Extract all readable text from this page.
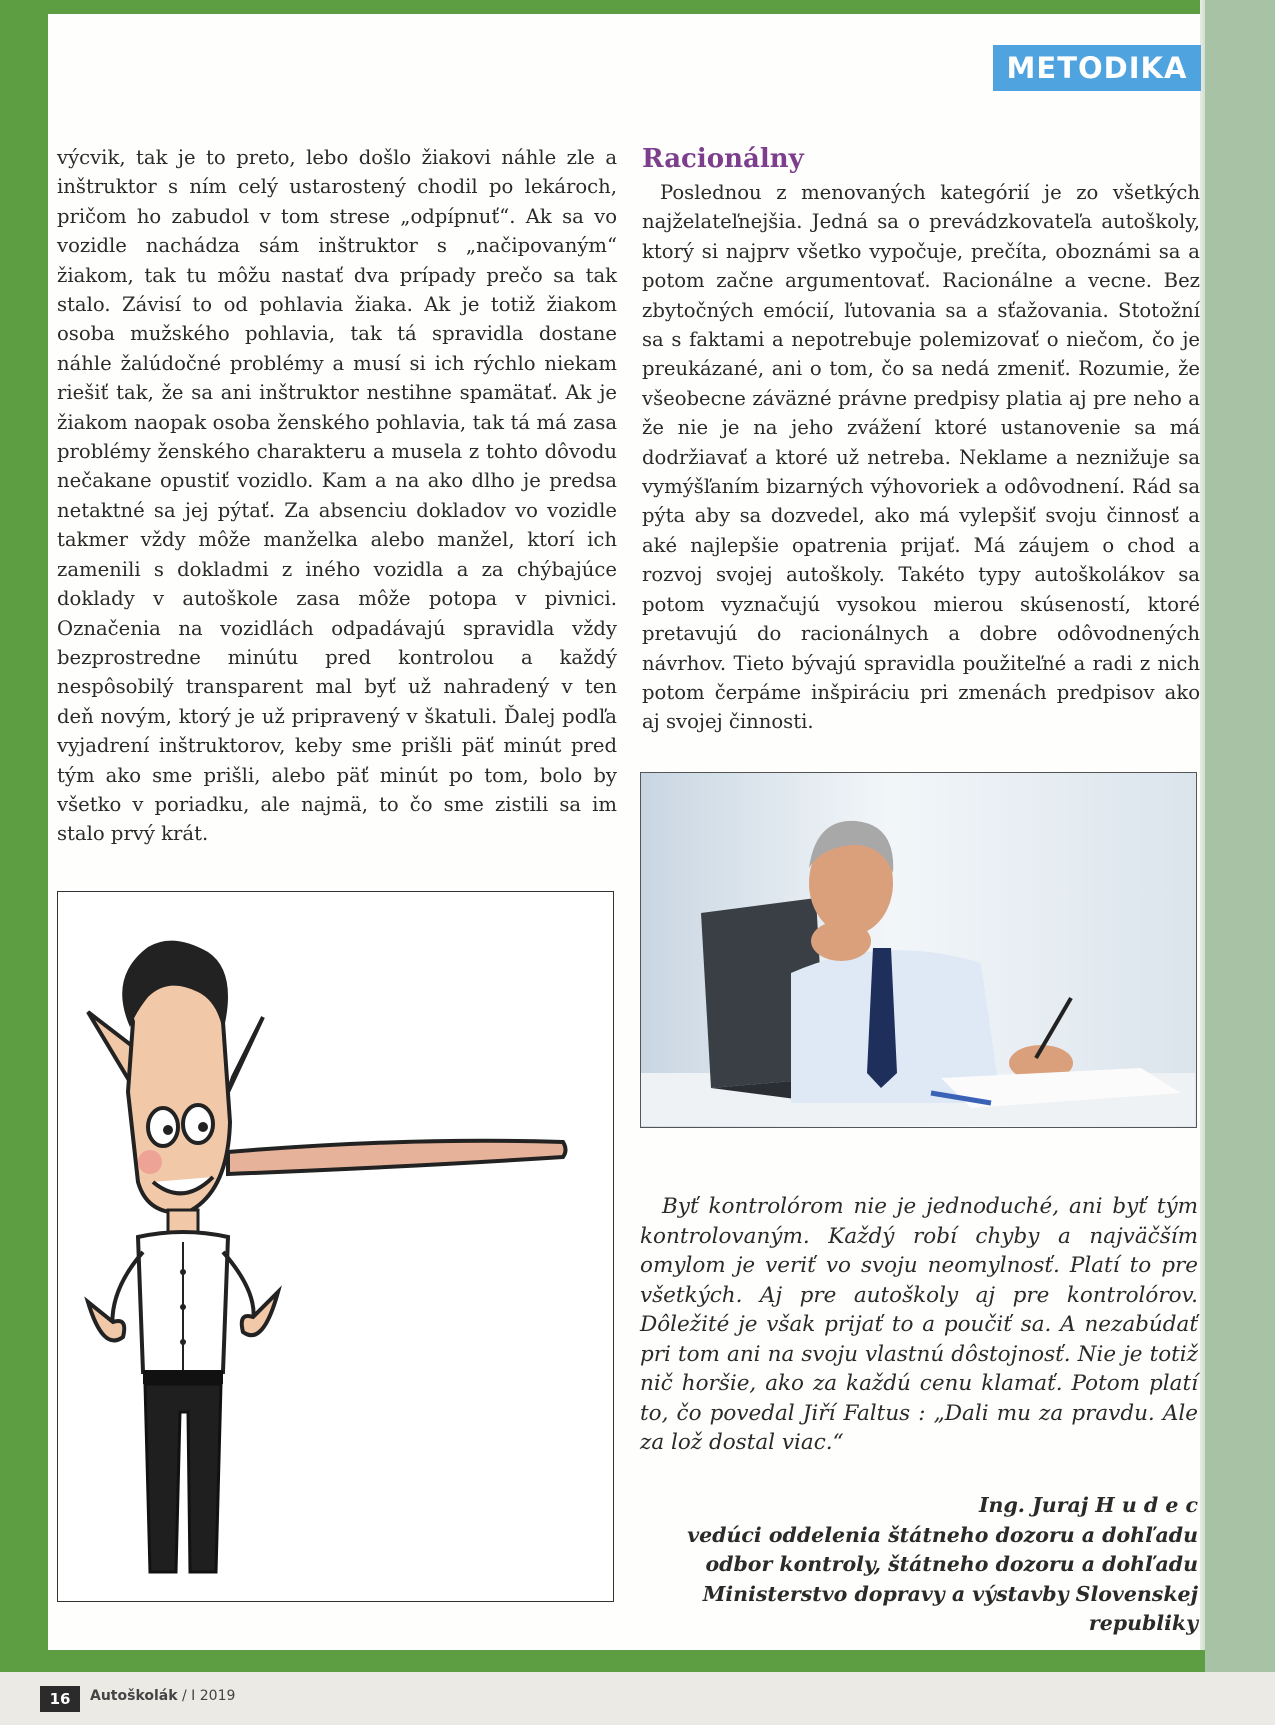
METODIKA

výcvik, tak je to preto, lebo došlo žiakovi náhle zle a inštruktor s ním celý ustarostený chodil po lekároch, pričom ho zabudol v tom strese „odpípnuť“. Ak sa vo vozidle nachádza sám inštruktor s „načipovaným“ žiakom, tak tu môžu nastať dva prípady prečo sa tak stalo. Závisí to od pohlavia žiaka. Ak je totiž žiakom osoba mužského pohlavia, tak tá spravidla dostane náhle žalúdočné problémy a musí si ich rýchlo niekam riešiť tak, že sa ani inštruktor nestihne spamätať. Ak je žiakom naopak osoba ženského pohlavia, tak tá má zasa problémy ženského charakteru a musela z tohto dôvodu nečakane opustiť vozidlo. Kam a na ako dlho je predsa netaktné sa jej pýtať. Za absenciu dokladov vo vozidle takmer vždy môže manželka alebo manžel, ktorí ich zamenili s dokladmi z iného vozidla a za chýbajúce doklady v autoškole zasa môže potopa v pivnici. Označenia na vozidlách odpadávajú spravidla vždy bezprostredne minútu pred kontrolou a každý nespôsobilý transparent mal byť už nahradený v ten deň novým, ktorý je už pripravený v škatuli. Ďalej podľa vyjadrení inštruktorov, keby sme prišli päť minút pred tým ako sme prišli, alebo päť minút po tom, bolo by všetko v poriadku, ale najmä, to čo sme zistili sa im stalo prvý krát.

Racionálny

Poslednou z menovaných kategórií je zo všetkých najželateľnejšia. Jedná sa o prevádzkovateľa autoškoly, ktorý si najprv všetko vypočuje, prečíta, oboznámi sa a potom začne argumentovať. Racionálne a vecne. Bez zbytočných emócií, ľutovania sa a sťažovania. Stotožní sa s faktami a nepotrebuje polemizovať o niečom, čo je preukázané, ani o tom, čo sa nedá zmeniť. Rozumie, že všeobecne záväzné právne predpisy platia aj pre neho a že nie je na jeho zvážení ktoré ustanovenie sa má dodržiavať a ktoré už netreba. Neklame a neznižuje sa vymýšľaním bizarných výhovoriek a odôvodnení. Rád sa pýta aby sa dozvedel, ako má vylepšiť svoju činnosť a aké najlepšie opatrenia prijať. Má záujem o chod a rozvoj svojej autoškoly. Takéto typy autoškolákov sa potom vyznačujú vysokou mierou skúseností, ktoré pretavujú do racionálnych a dobre odôvodnených návrhov. Tieto bývajú spravidla použiteľné a radi z nich potom čerpáme inšpiráciu pri zmenách predpisov ako aj svojej činnosti.

Byť kontrolórom nie je jednoduché, ani byť tým kontrolovaným. Každý robí chyby a najväčším omylom je veriť vo svoju neomylnosť. Platí to pre všetkých. Aj pre autoškoly aj pre kontrolórov. Dôležité je však prijať to a poučiť sa. A nezabúdať pri tom ani na svoju vlastnú dôstojnosť. Nie je totiž nič horšie, ako za každú cenu klamať. Potom platí to, čo povedal Jiří Faltus : „Dali mu za pravdu. Ale za lož dostal viac.“

Ing. Juraj H u d e c
vedúci oddelenia štátneho dozoru a dohľadu
odbor kontroly, štátneho dozoru a dohľadu
Ministerstvo dopravy a výstavby Slovenskej republiky
16	Autoškolák / I 2019
